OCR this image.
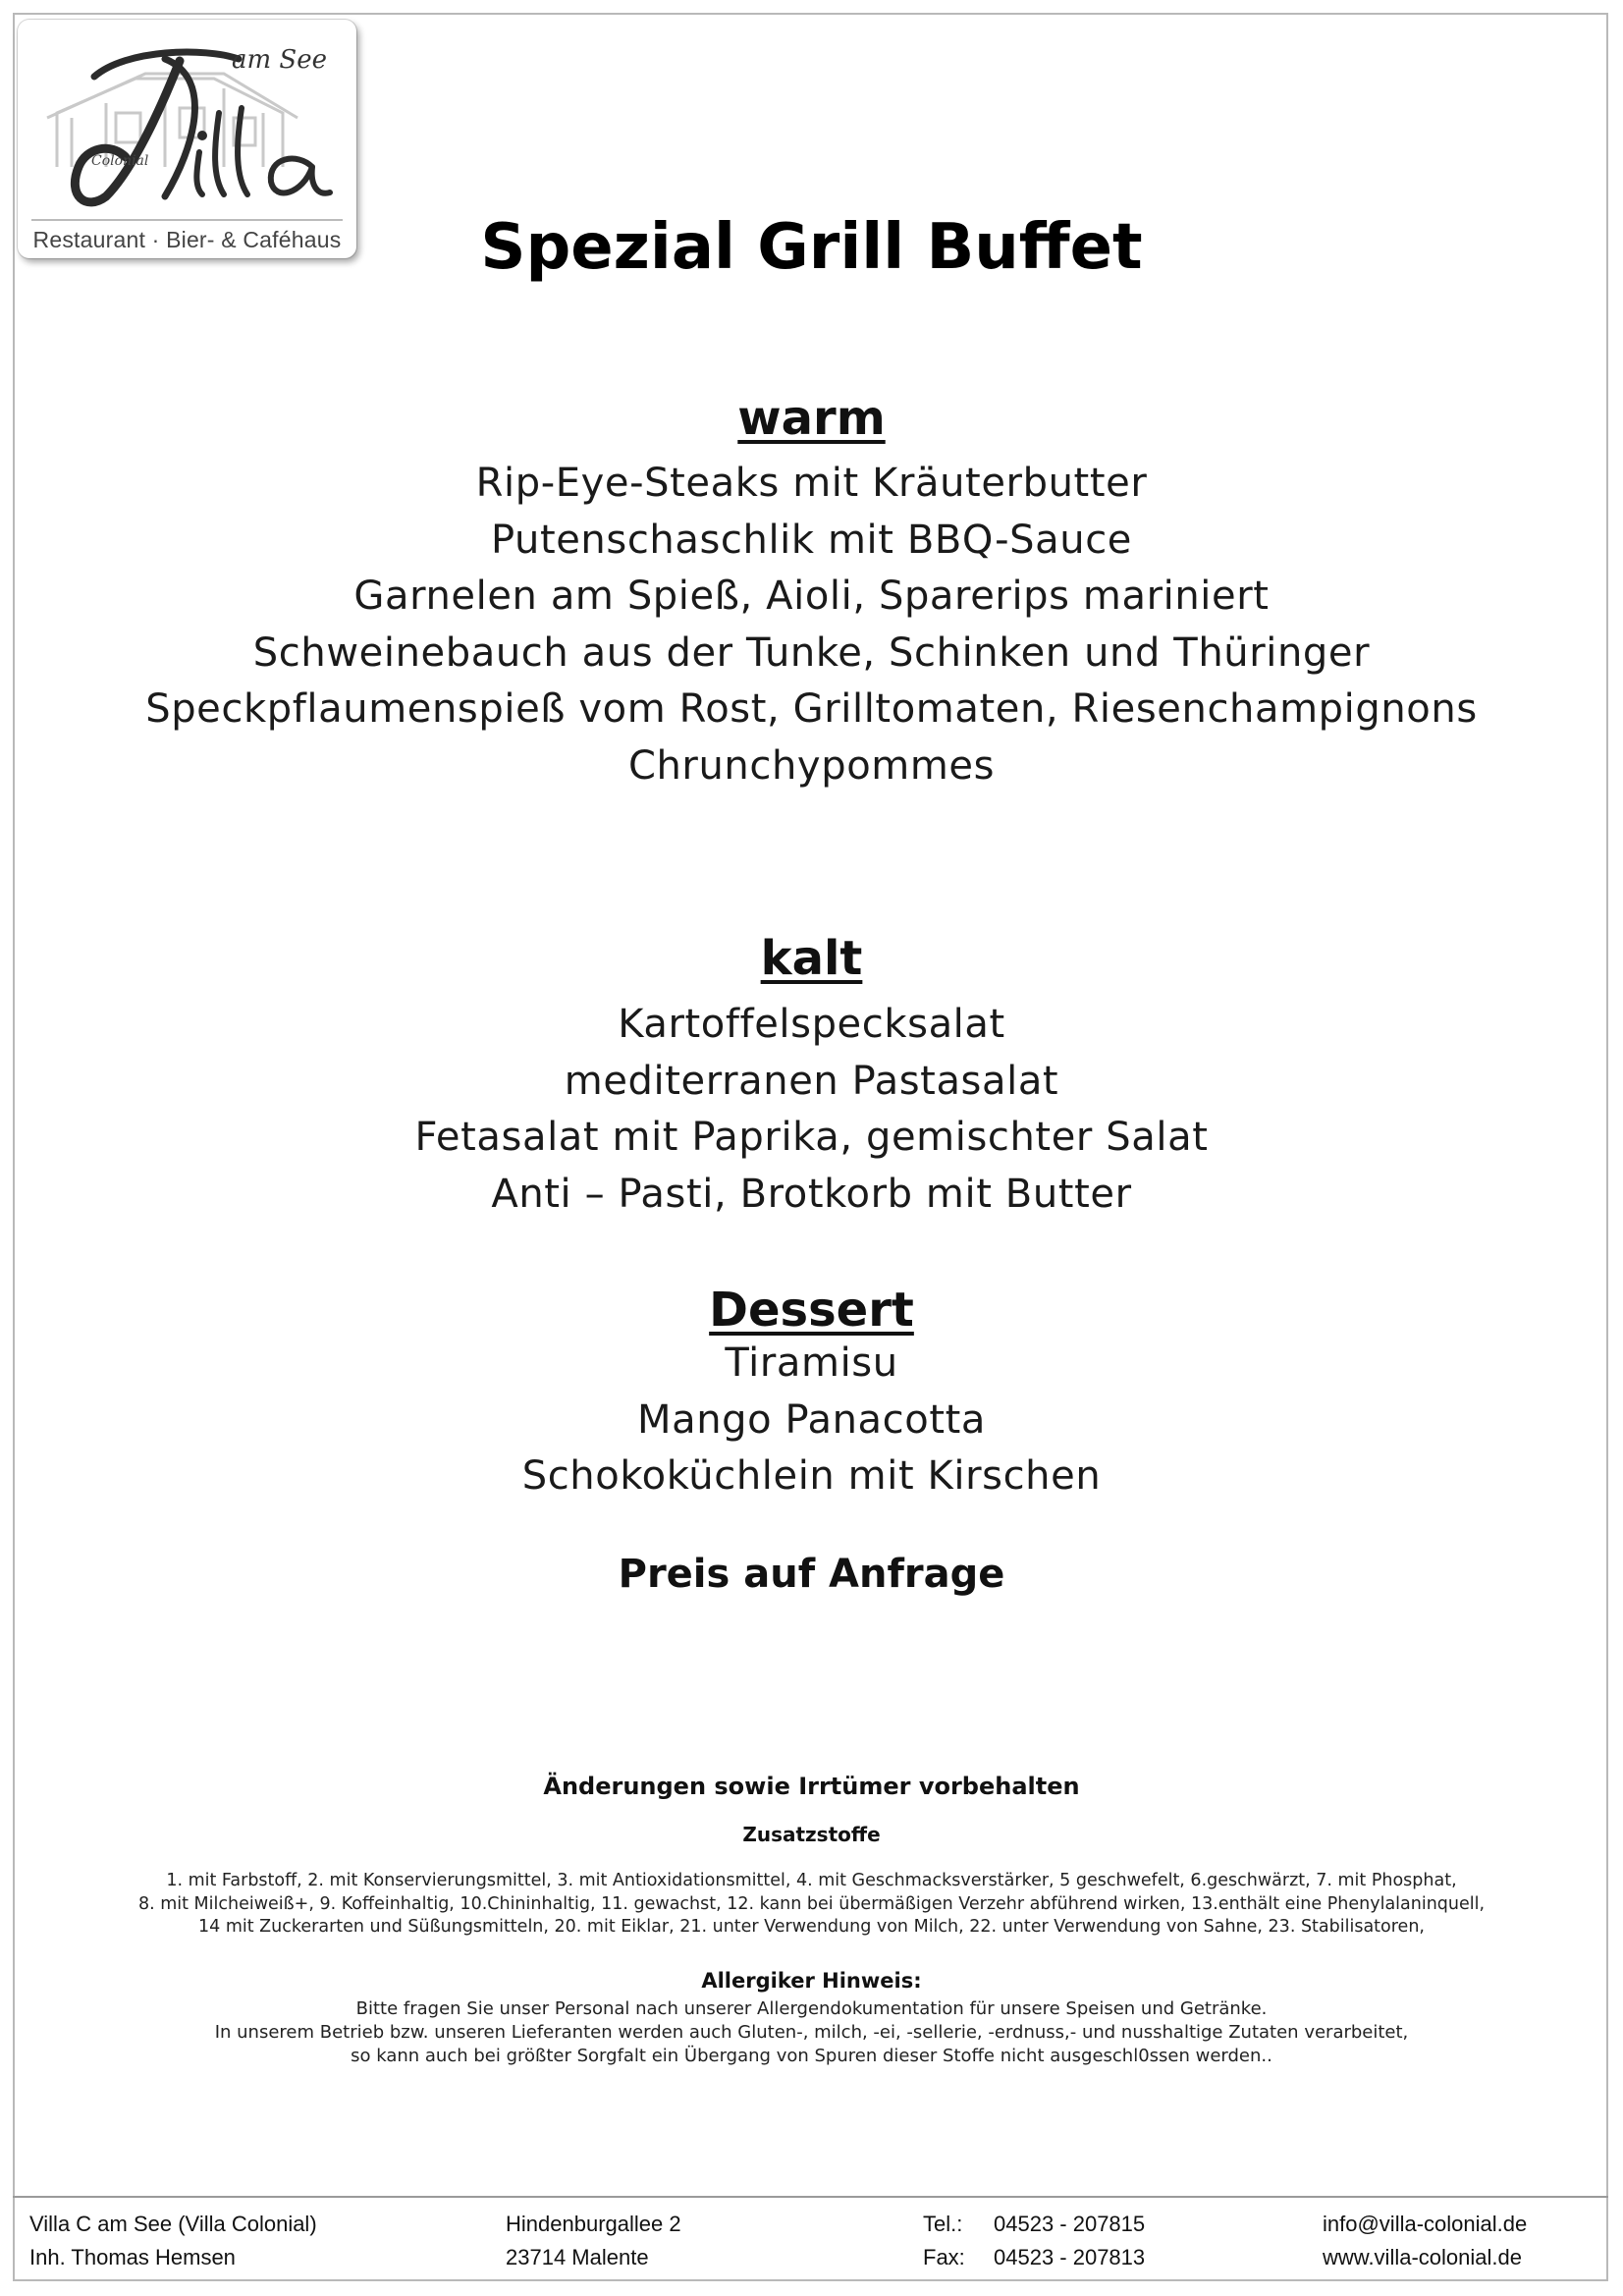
am See
Colonial
Restaurant · Bier- & Caféhaus	Spezial Grill Buffet
warm
Rip-Eye-Steaks mit Kräuterbutter
Putenschaschlik mit BBQ-Sauce
Garnelen am Spieß, Aioli, Sparerips mariniert
Schweinebauch aus der Tunke, Schinken und Thüringer
Speckpflaumenspieß vom Rost, Grilltomaten, Riesenchampignons
Chrunchypommes
kalt
Kartoffelspecksalat
mediterranen Pastasalat
Fetasalat mit Paprika, gemischter Salat
Anti – Pasti, Brotkorb mit Butter
Dessert
Tiramisu
Mango Panacotta
Schokoküchlein mit Kirschen
Preis auf Anfrage
Änderungen sowie Irrtümer vorbehalten
Zusatzstoffe
1. mit Farbstoff, 2. mit Konservierungsmittel, 3. mit Antioxidationsmittel, 4. mit Geschmacksverstärker, 5 geschwefelt, 6.geschwärzt, 7. mit Phosphat,
8. mit Milcheiweiß+, 9. Koffeinhaltig, 10.Chininhaltig, 11. gewachst, 12. kann bei übermäßigen Verzehr abführend wirken, 13.enthält eine Phenylalaninquell,
14 mit Zuckerarten und Süßungsmitteln, 20. mit Eiklar, 21. unter Verwendung von Milch, 22. unter Verwendung von Sahne, 23. Stabilisatoren,
Allergiker Hinweis:
Bitte fragen Sie unser Personal nach unserer Allergendokumentation für unsere Speisen und Getränke.
In unserem Betrieb bzw. unseren Lieferanten werden auch Gluten-, milch, -ei, -sellerie, -erdnuss,- und nusshaltige Zutaten verarbeitet,
so kann auch bei größter Sorgfalt ein Übergang von Spuren dieser Stoffe nicht ausgeschl0ssen werden..
Villa C am See (Villa Colonial)
Inh. Thomas Hemsen
Hindenburgallee 2
23714 Malente
Tel.: 04523 - 207815
Fax: 04523 - 207813
info@villa-colonial.de
www.villa-colonial.de
